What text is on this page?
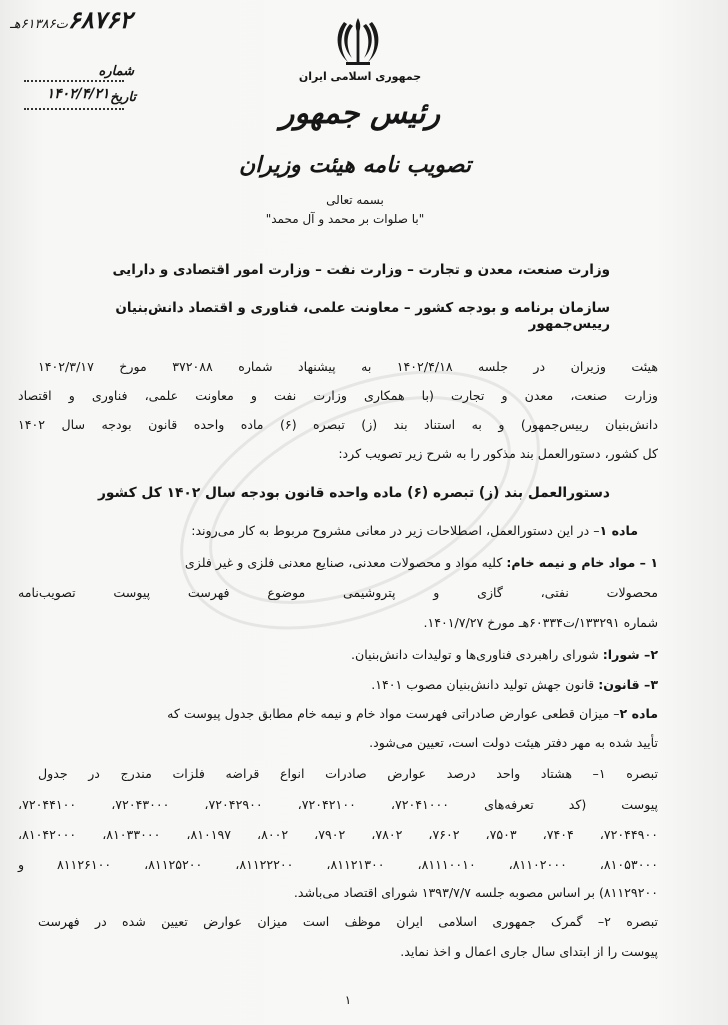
۶۸۷۶۲ت۶۱۳۸۶هـ
شماره
تاریخ
۱۴۰۲/۴/۲۱
جمهوری اسلامی ایران
رئیس جمهور
تصویب نامه هیئت وزیران
بسمه تعالی
"با صلوات بر محمد و آل محمد"
وزارت صنعت، معدن و تجارت – وزارت نفت – وزارت امور اقتصادی و دارایی
سازمان برنامه و بودجه کشور – معاونت علمی، فناوری و اقتصاد دانش‌بنیان رییس‌جمهور
هیئت وزیران در جلسه ۱۴۰۲/۴/۱۸ به پیشنهاد شماره ۳۷۲۰۸۸ مورخ ۱۴۰۲/۳/۱۷
وزارت صنعت، معدن و تجارت (با همکاری وزارت نفت و معاونت علمی، فناوری و اقتصاد
دانش‌بنیان رییس‌جمهور) و به استناد بند (ز) تبصره (۶) ماده واحده قانون بودجه سال ۱۴۰۲
کل کشور، دستورالعمل بند مذکور را به شرح زیر تصویب کرد:
دستورالعمل بند (ز) تبصره (۶) ماده واحده قانون بودجه سال ۱۴۰۲ کل کشور
ماده ۱– در این دستورالعمل، اصطلاحات زیر در معانی مشروح مربوط به کار می‌روند:
۱ – مواد خام و نیمه خام: کلیه مواد و محصولات معدنی، صنایع معدنی فلزی و غیر فلزی
محصولات نفتی، گازی و پتروشیمی موضوع فهرست پیوست تصویب‌نامه
شماره ۱۳۳۲۹۱/ت۶۰۳۳۴هـ مورخ ۱۴۰۱/۷/۲۷.
۲– شورا: شورای راهبردی فناوری‌ها و تولیدات دانش‌بنیان.
۳– قانون: قانون جهش تولید دانش‌بنیان مصوب ۱۴۰۱.
ماده ۲– میزان قطعی عوارض صادراتی فهرست مواد خام و نیمه خام مطابق جدول پیوست که
تأیید شده به مهر دفتر هیئت دولت است، تعیین می‌شود.
تبصره ۱– هشتاد واحد درصد عوارض صادرات انواع قراضه فلزات مندرج در جدول
پیوست (کد تعرفه‌های ۷۲۰۴۱۰۰۰، ۷۲۰۴۲۱۰۰، ۷۲۰۴۲۹۰۰، ۷۲۰۴۳۰۰۰، ۷۲۰۴۴۱۰۰،
۷۲۰۴۴۹۰۰، ۷۴۰۴، ۷۵۰۳، ۷۶۰۲، ۷۸۰۲، ۷۹۰۲، ۸۰۰۲، ۸۱۰۱۹۷، ۸۱۰۳۳۰۰۰، ۸۱۰۴۲۰۰۰،
۸۱۰۵۳۰۰۰، ۸۱۱۰۲۰۰۰، ۸۱۱۱۰۰۱۰، ۸۱۱۲۱۳۰۰، ۸۱۱۲۲۲۰۰، ۸۱۱۲۵۲۰۰، ۸۱۱۲۶۱۰۰ و
۸۱۱۲۹۲۰۰) بر اساس مصوبه جلسه ۱۳۹۳/۷/۷ شورای اقتصاد می‌باشد.
تبصره ۲– گمرک جمهوری اسلامی ایران موظف است میزان عوارض تعیین شده در فهرست
پیوست را از ابتدای سال جاری اعمال و اخذ نماید.
۱
